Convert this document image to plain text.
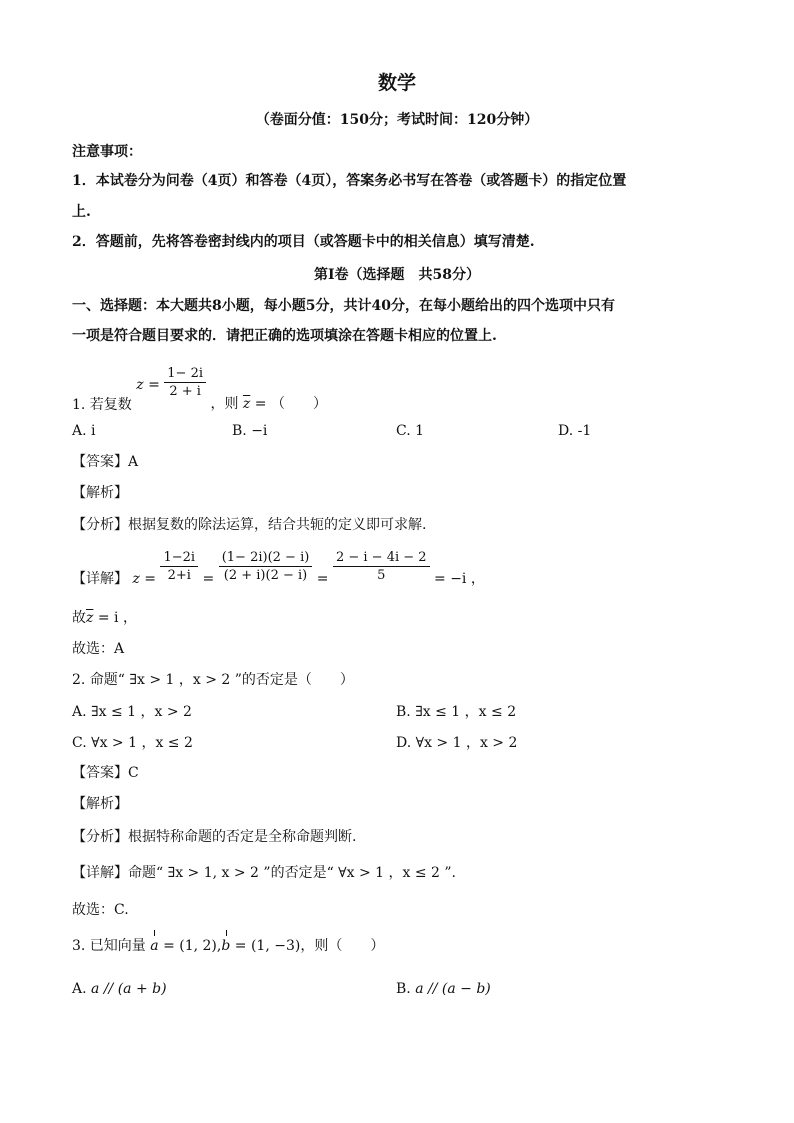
数学
（卷面分值：150分；考试时间：120分钟）
注意事项：
1．本试卷分为问卷（4页）和答卷（4页），答案务必书写在答卷（或答题卡）的指定位置
上.
2．答题前，先将答卷密封线内的项目（或答题卡中的相关信息）填写清楚.
第Ⅰ卷（选择题　共58分）
一、选择题：本大题共8小题，每小题5分，共计40分，在每小题给出的四个选项中只有
一项是符合题目要求的．请把正确的选项填涂在答题卡相应的位置上.
1. 若复数 $z = \frac{1- 2i}{2 + i}$
，则 $\overline{z}$ = （　　）
A. i	B. −i	C. 1	D. -1
【答案】A
【解析】
【分析】根据复数的除法运算，结合共轭的定义即可求解.
【详解】 $z = \frac{1-2i}{2+i} = \frac{(1- 2i)(2 - i)}{(2 + i)(2 - i)} = \frac{2 - i - 4i - 2}{5} = -i$ ，
故$\overline{z} = i$ ，
故选：A
2. 命题“ ∃x > 1 ，x > 2 ”的否定是（　　）
A. ∃x ≤ 1 ，x > 2	B. ∃x ≤ 1 ，x ≤ 2
C. ∀x > 1 ，x ≤ 2	D. ∀x > 1 ，x > 2
【答案】C
【解析】
【分析】根据特称命题的否定是全称命题判断.
【详解】命题“ ∃x > 1, x > 2 ”的否定是“ ∀x > 1 ，x ≤ 2 ”.
故选：C.
3. 已知向量 a = (1, 2),b = (1, −3)，则（　　）
A. a // (a + b)	B. a // (a − b)
